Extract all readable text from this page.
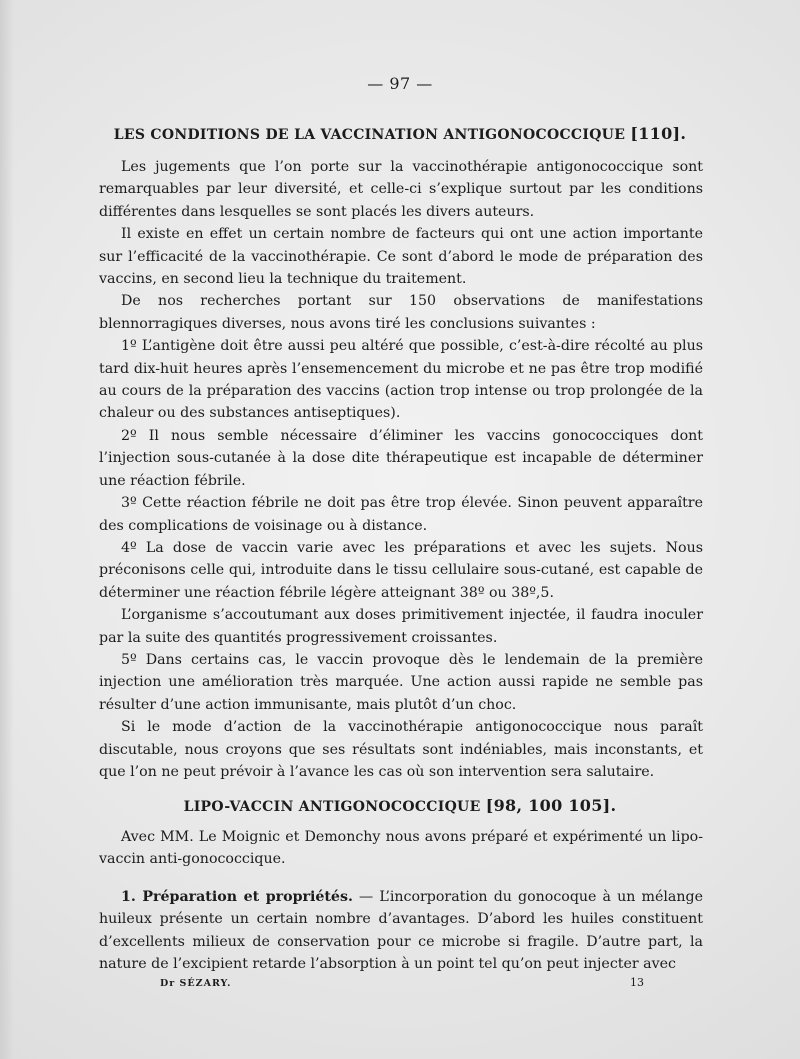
— 97 —
LES CONDITIONS DE LA VACCINATION ANTIGONOCOCCIQUE [110].

Les jugements que l’on porte sur la vaccinothérapie antigonococcique sont remarquables par leur diversité, et celle-ci s’explique surtout par les conditions différentes dans lesquelles se sont placés les divers auteurs.

Il existe en effet un certain nombre de facteurs qui ont une action importante sur l’efficacité de la vaccinothérapie. Ce sont d’abord le mode de préparation des vaccins, en second lieu la technique du traitement.

De nos recherches portant sur 150 observations de manifestations blennorragiques diverses, nous avons tiré les conclusions suivantes :

1º L’antigène doit être aussi peu altéré que possible, c’est-à-dire récolté au plus tard dix-huit heures après l’ensemencement du microbe et ne pas être trop modifié au cours de la préparation des vaccins (action trop intense ou trop prolongée de la chaleur ou des substances antiseptiques).

2º Il nous semble nécessaire d’éliminer les vaccins gonococciques dont l’injection sous-cutanée à la dose dite thérapeutique est incapable de déterminer une réaction fébrile.

3º Cette réaction fébrile ne doit pas être trop élevée. Sinon peuvent apparaître des complications de voisinage ou à distance.

4º La dose de vaccin varie avec les préparations et avec les sujets. Nous préconisons celle qui, introduite dans le tissu cellulaire sous-cutané, est capable de déterminer une réaction fébrile légère atteignant 38º ou 38º,5.

L’organisme s’accoutumant aux doses primitivement injectée, il faudra inoculer par la suite des quantités progressivement croissantes.

5º Dans certains cas, le vaccin provoque dès le lendemain de la première injection une amélioration très marquée. Une action aussi rapide ne semble pas résulter d’une action immunisante, mais plutôt d’un choc.

Si le mode d’action de la vaccinothérapie antigonococcique nous paraît discutable, nous croyons que ses résultats sont indéniables, mais inconstants, et que l’on ne peut prévoir à l’avance les cas où son intervention sera salutaire.

LIPO-VACCIN ANTIGONOCOCCIQUE [98, 100 105].

Avec MM. Le Moignic et Demonchy nous avons préparé et expérimenté un lipo-vaccin anti-gonococcique.

1. Préparation et propriétés. — L’incorporation du gonocoque à un mélange huileux présente un certain nombre d’avantages. D’abord les huiles constituent d’excellents milieux de conservation pour ce microbe si fragile. D’autre part, la nature de l’excipient retarde l’absorption à un point tel qu’on peut injecter avec

Dr SÉZARY.	13
